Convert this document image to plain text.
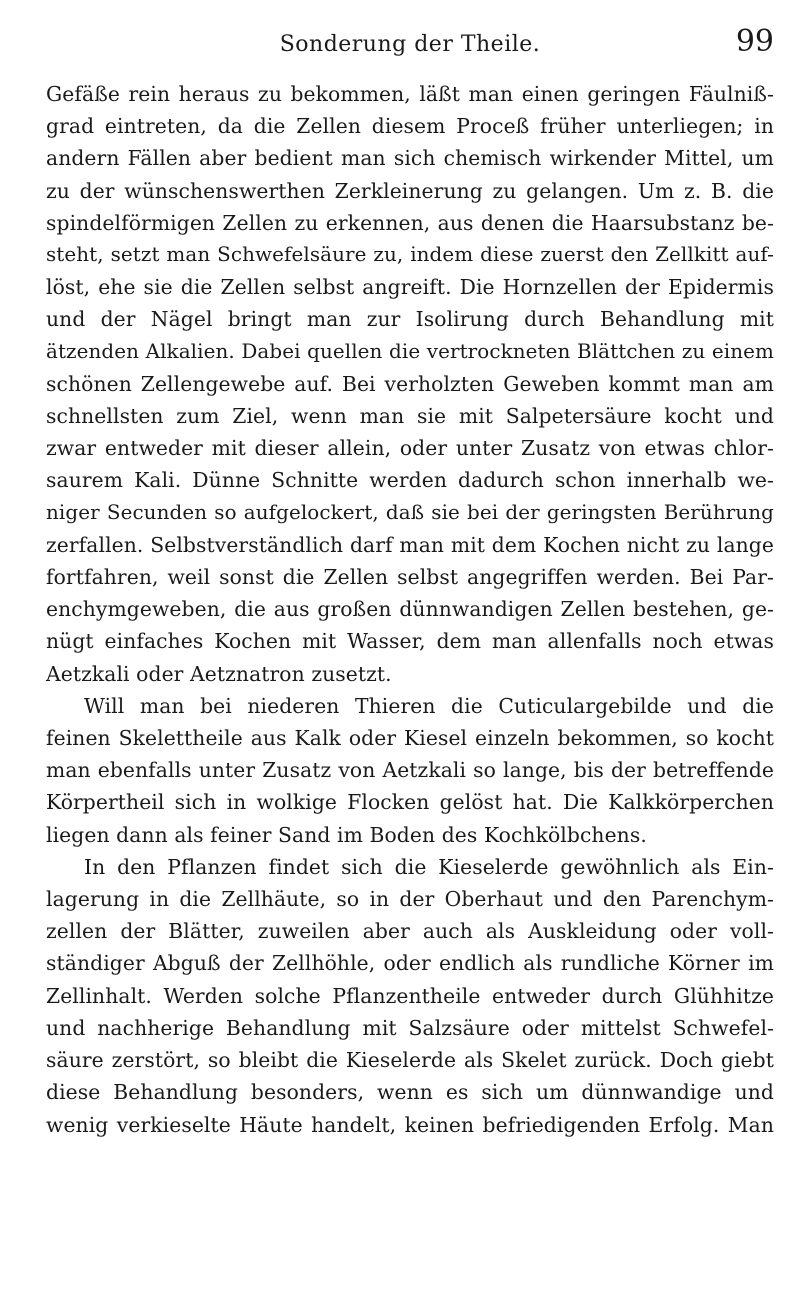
Sonderung der Theile.	99

Gefäße rein heraus zu bekommen, läßt man einen geringen Fäulniß-

grad eintreten, da die Zellen diesem Proceß früher unterliegen; in

andern Fällen aber bedient man sich chemisch wirkender Mittel, um

zu der wünschenswerthen Zerkleinerung zu gelangen. Um z. B. die

spindelförmigen Zellen zu erkennen, aus denen die Haarsubstanz be-

steht, setzt man Schwefelsäure zu, indem diese zuerst den Zellkitt auf-

löst, ehe sie die Zellen selbst angreift. Die Hornzellen der Epidermis

und der Nägel bringt man zur Isolirung durch Behandlung mit

ätzenden Alkalien. Dabei quellen die vertrockneten Blättchen zu einem

schönen Zellengewebe auf. Bei verholzten Geweben kommt man am

schnellsten zum Ziel, wenn man sie mit Salpetersäure kocht und

zwar entweder mit dieser allein, oder unter Zusatz von etwas chlor-

saurem Kali. Dünne Schnitte werden dadurch schon innerhalb we-

niger Secunden so aufgelockert, daß sie bei der geringsten Berührung

zerfallen. Selbstverständlich darf man mit dem Kochen nicht zu lange

fortfahren, weil sonst die Zellen selbst angegriffen werden. Bei Par-

enchymgeweben, die aus großen dünnwandigen Zellen bestehen, ge-

nügt einfaches Kochen mit Wasser, dem man allenfalls noch etwas

Aetzkali oder Aetznatron zusetzt.

Will man bei niederen Thieren die Cuticulargebilde und die

feinen Skelettheile aus Kalk oder Kiesel einzeln bekommen, so kocht

man ebenfalls unter Zusatz von Aetzkali so lange, bis der betreffende

Körpertheil sich in wolkige Flocken gelöst hat. Die Kalkkörperchen

liegen dann als feiner Sand im Boden des Kochkölbchens.

In den Pflanzen findet sich die Kieselerde gewöhnlich als Ein-

lagerung in die Zellhäute, so in der Oberhaut und den Parenchym-

zellen der Blätter, zuweilen aber auch als Auskleidung oder voll-

ständiger Abguß der Zellhöhle, oder endlich als rundliche Körner im

Zellinhalt. Werden solche Pflanzentheile entweder durch Glühhitze

und nachherige Behandlung mit Salzsäure oder mittelst Schwefel-

säure zerstört, so bleibt die Kieselerde als Skelet zurück. Doch giebt

diese Behandlung besonders, wenn es sich um dünnwandige und

wenig verkieselte Häute handelt, keinen befriedigenden Erfolg. Man
